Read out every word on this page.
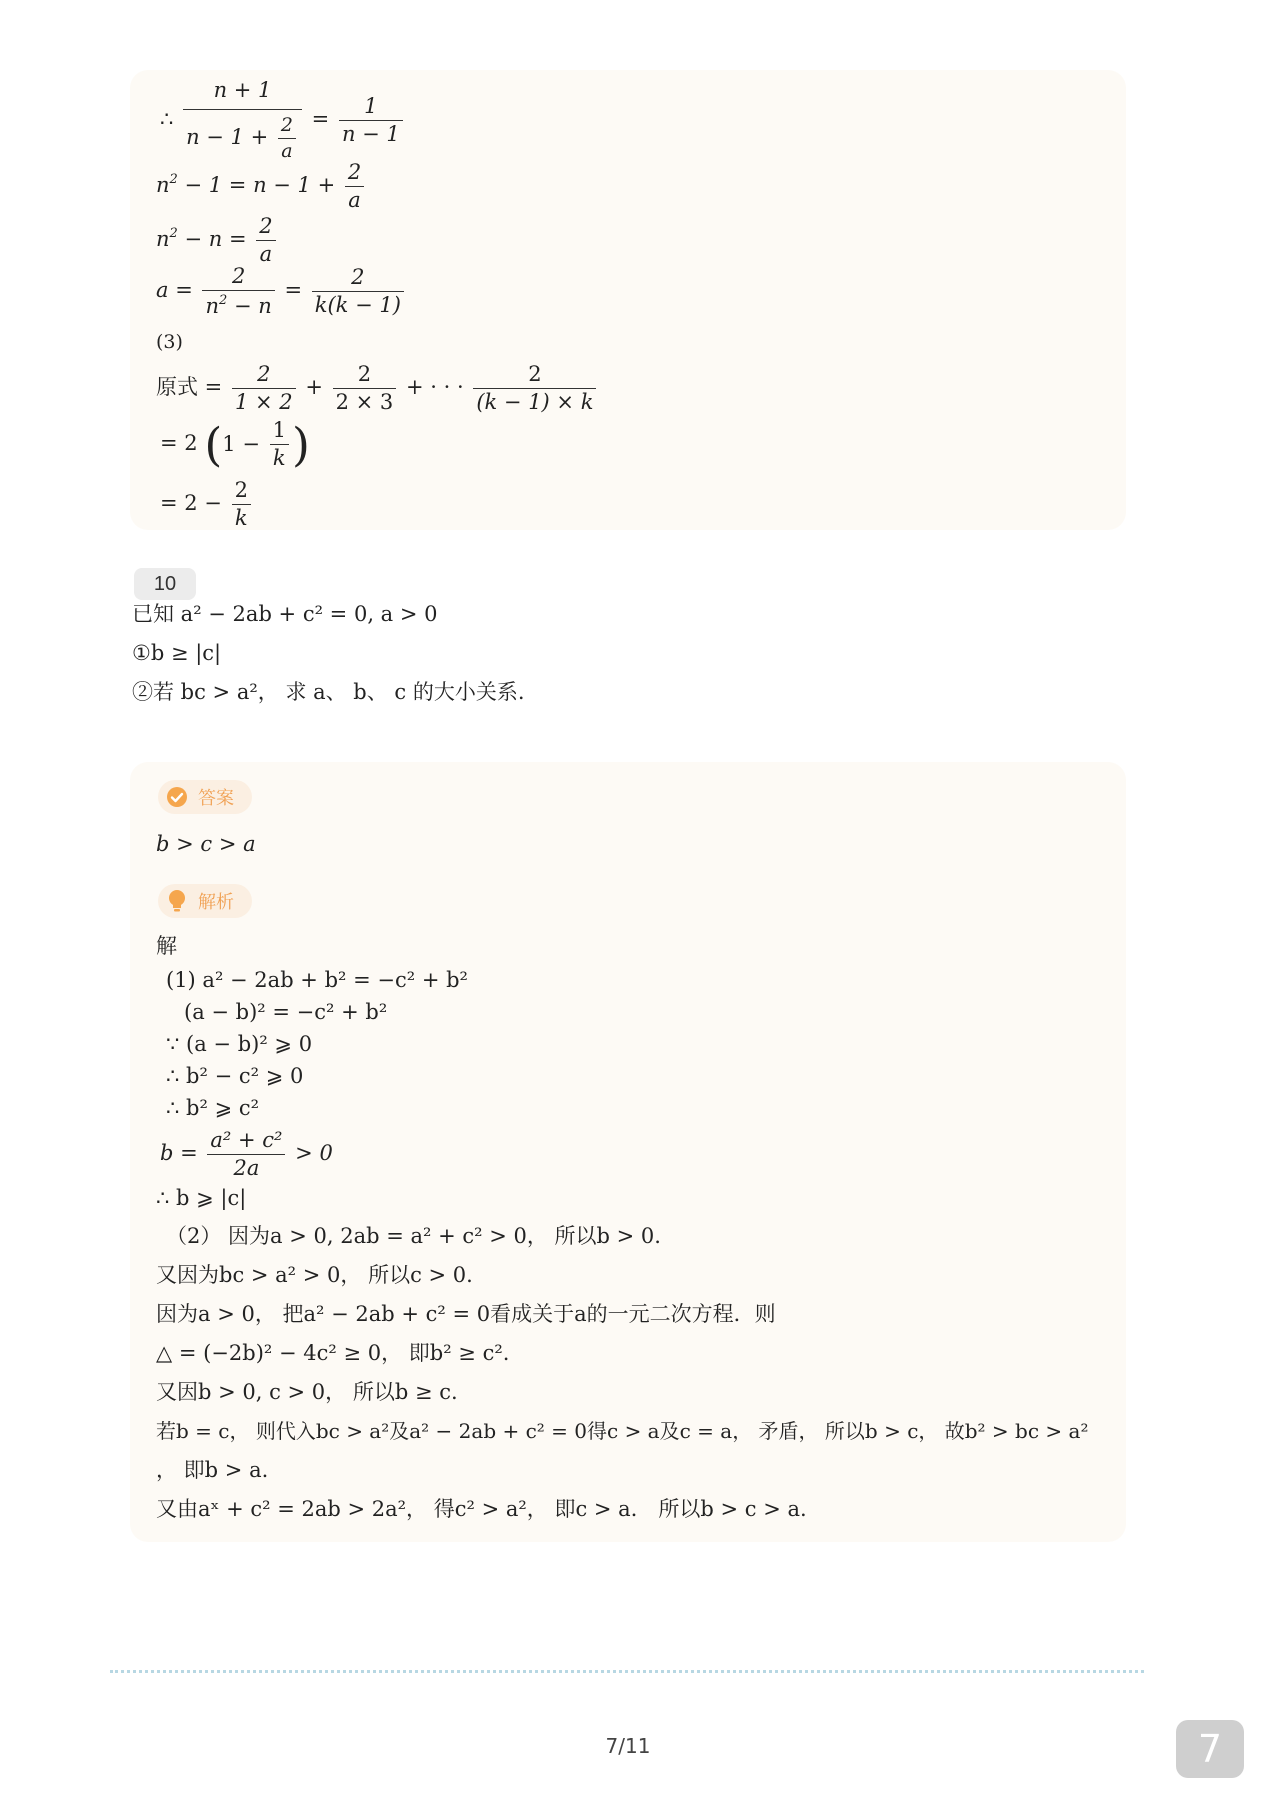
∴ $\frac{n + 1}{n - 1 + \frac{2}{a}} = \frac{1}{n - 1}$
$n^2 - 1 = n - 1 + \frac{2}{a}$
$n^2 - n = \frac{2}{a}$
$a = \frac{2}{n^2 - n} = \frac{2}{k(k - 1)}$
(3)
原式 = $\frac{2}{1 \times 2} + \frac{2}{2 \times 3}$ + · · · $\frac{2}{(k - 1) \times k}$
= 2 ($1 - \frac{1}{k}$ )
= $2 - \frac{2}{k}$
10
已知 a² − 2ab + c² = 0, a > 0
①b ≥ |c|
②若 bc > a²， 求 a、 b、 c 的大小关系.
答案
b > c > a
解析
解
(1) a² − 2ab + b² = −c² + b²
(a − b)² = −c² + b²
∵ (a − b)² ⩾ 0
∴ b² − c² ⩾ 0
∴ b² ⩾ c²
$b = \frac{\text{a² + c²}}{2a} > 0$
∴ b ⩾ |c|
（2） 因为a > 0, 2ab = a² + c² > 0， 所以b > 0.
又因为bc > a² > 0， 所以c > 0.
因为a > 0， 把a² − 2ab + c² = 0看成关于a的一元二次方程．则
△ = (−2b)² − 4c² ≥ 0， 即b² ≥ c².
又因b > 0, c > 0， 所以b ≥ c.
若b = c， 则代入bc > a²及a² − 2ab + c² = 0得c > a及c = a， 矛盾， 所以b > c， 故b² > bc > a²
， 即b > a.
又由aˣ + c² = 2ab > 2a²， 得c² > a²， 即c > a． 所以b > c > a.
7/11	7
